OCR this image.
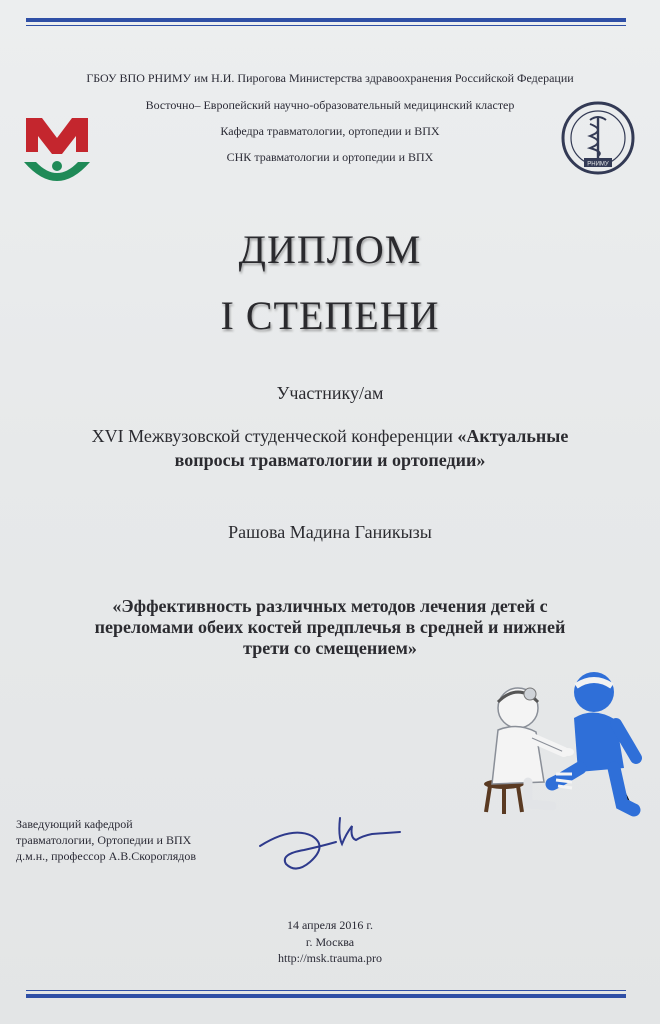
ГБОУ ВПО РНИМУ им Н.И. Пирогова Министерства здравоохранения Российской Федерации
Восточно– Европейский научно-образовательный медицинский кластер
Кафедра травматологии, ортопедии и ВПХ
СНК травматологии и ортопедии и ВПХ
РНИМУ
ДИПЛОМ
I СТЕПЕНИ
Участнику/ам
XVI Межвузовской студенческой конференции «Актуальные
вопросы травматологии и ортопедии»
Рашова Мадина Ганикызы
«Эффективность различных методов лечения детей с
переломами обеих костей предплечья в средней и нижней
трети со смещением»
Заведующий кафедрой
травматологии, Ортопедии и ВПХ
д.м.н., профессор А.В.Скороглядов
14 апреля 2016 г.
г. Москва
http://msk.trauma.pro
